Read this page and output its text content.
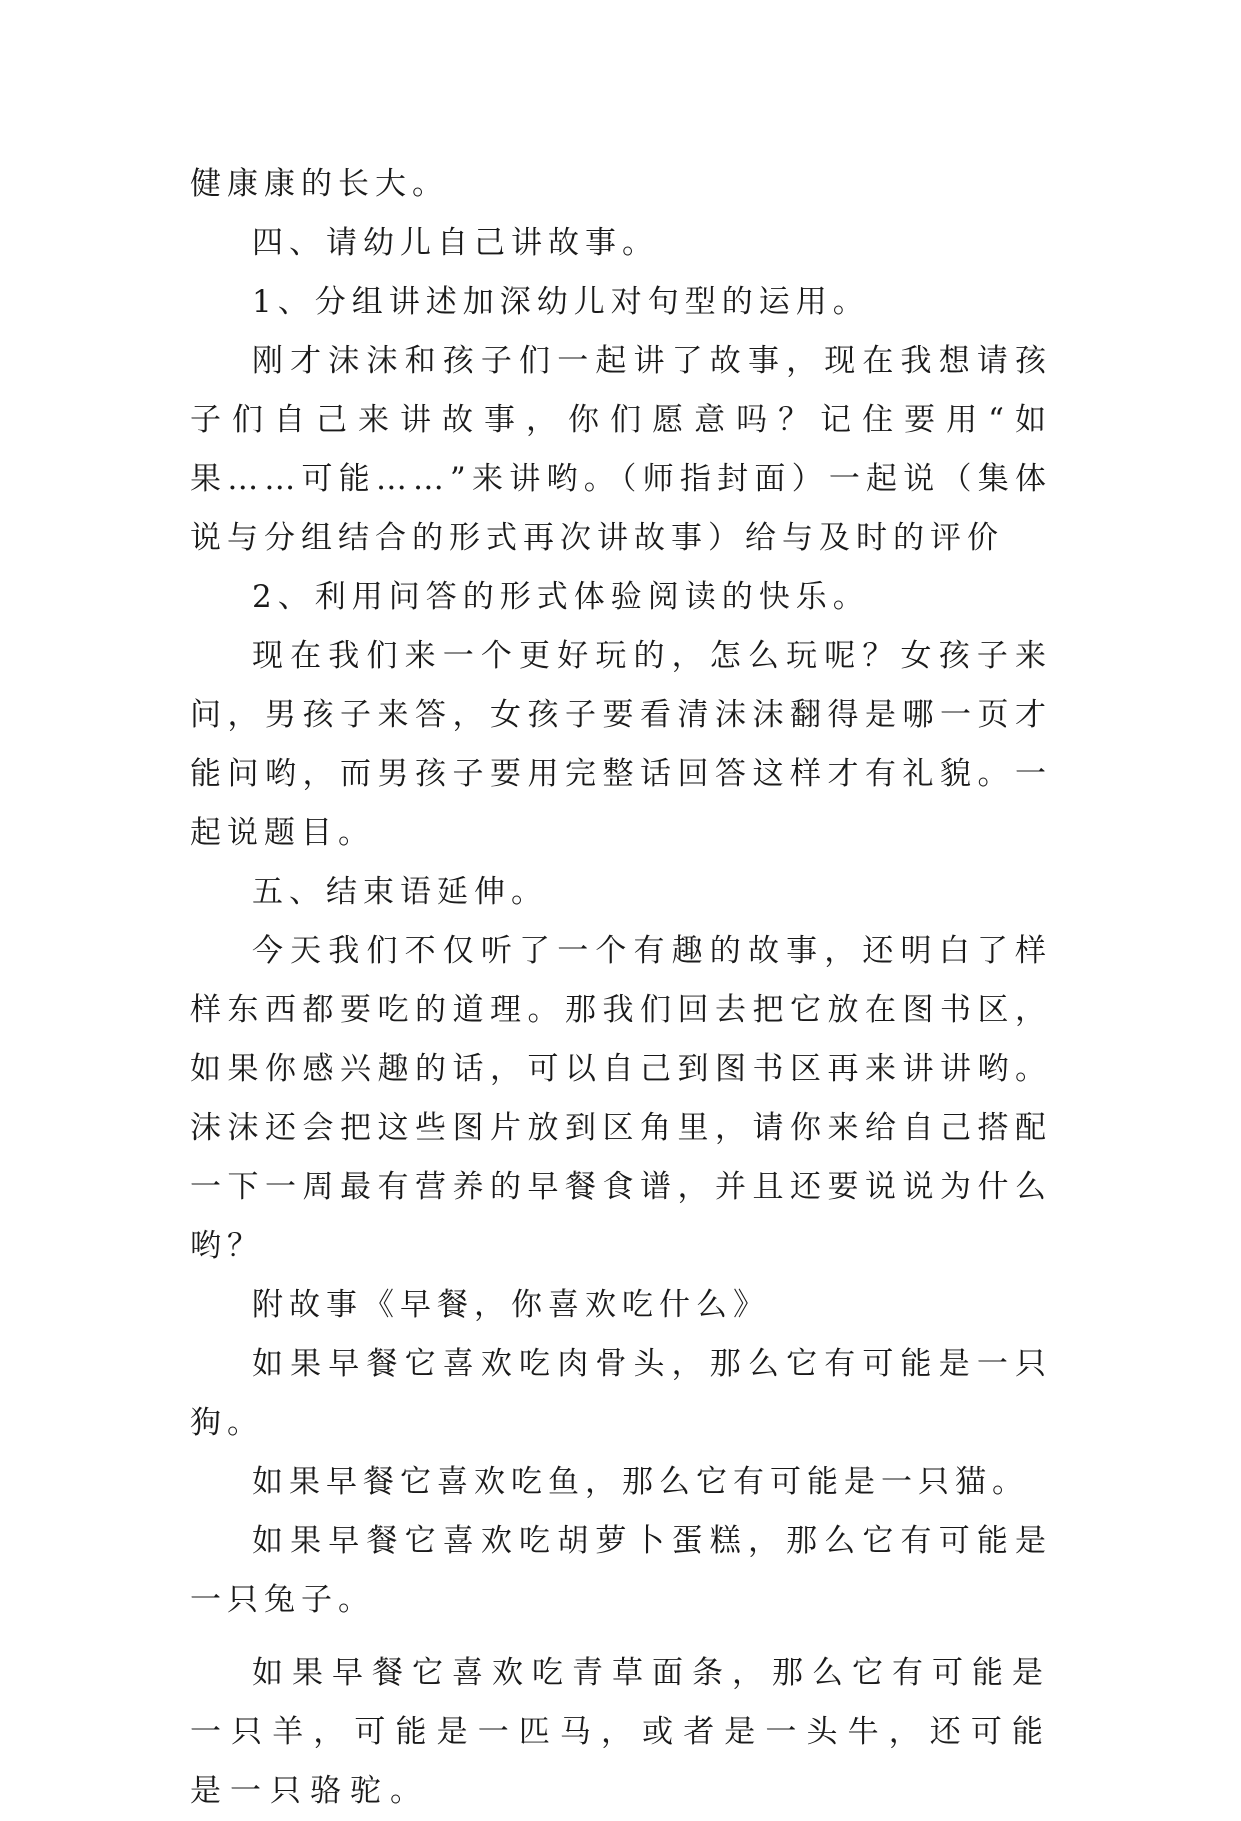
健康康的长大。

四、请幼儿自己讲故事。

1、分组讲述加深幼儿对句型的运用。

刚才沫沫和孩子们一起讲了故事，现在我想请孩子们自己来讲故事，你们愿意吗？记住要用“如果……可能……”来讲哟。（师指封面）一起说（集体说与分组结合的形式再次讲故事）给与及时的评价

2、利用问答的形式体验阅读的快乐。

现在我们来一个更好玩的，怎么玩呢？女孩子来问，男孩子来答，女孩子要看清沫沫翻得是哪一页才能问哟，而男孩子要用完整话回答这样才有礼貌。一起说题目。

五、结束语延伸。

今天我们不仅听了一个有趣的故事，还明白了样样东西都要吃的道理。那我们回去把它放在图书区，如果你感兴趣的话，可以自己到图书区再来讲讲哟。沫沫还会把这些图片放到区角里，请你来给自己搭配一下一周最有营养的早餐食谱，并且还要说说为什么哟？

附故事《早餐，你喜欢吃什么》

如果早餐它喜欢吃肉骨头，那么它有可能是一只狗。

如果早餐它喜欢吃鱼，那么它有可能是一只猫。

如果早餐它喜欢吃胡萝卜蛋糕，那么它有可能是一只兔子。

如果早餐它喜欢吃青草面条，那么它有可能是一只羊，可能是一匹马，或者是一头牛，还可能是一只骆驼。
